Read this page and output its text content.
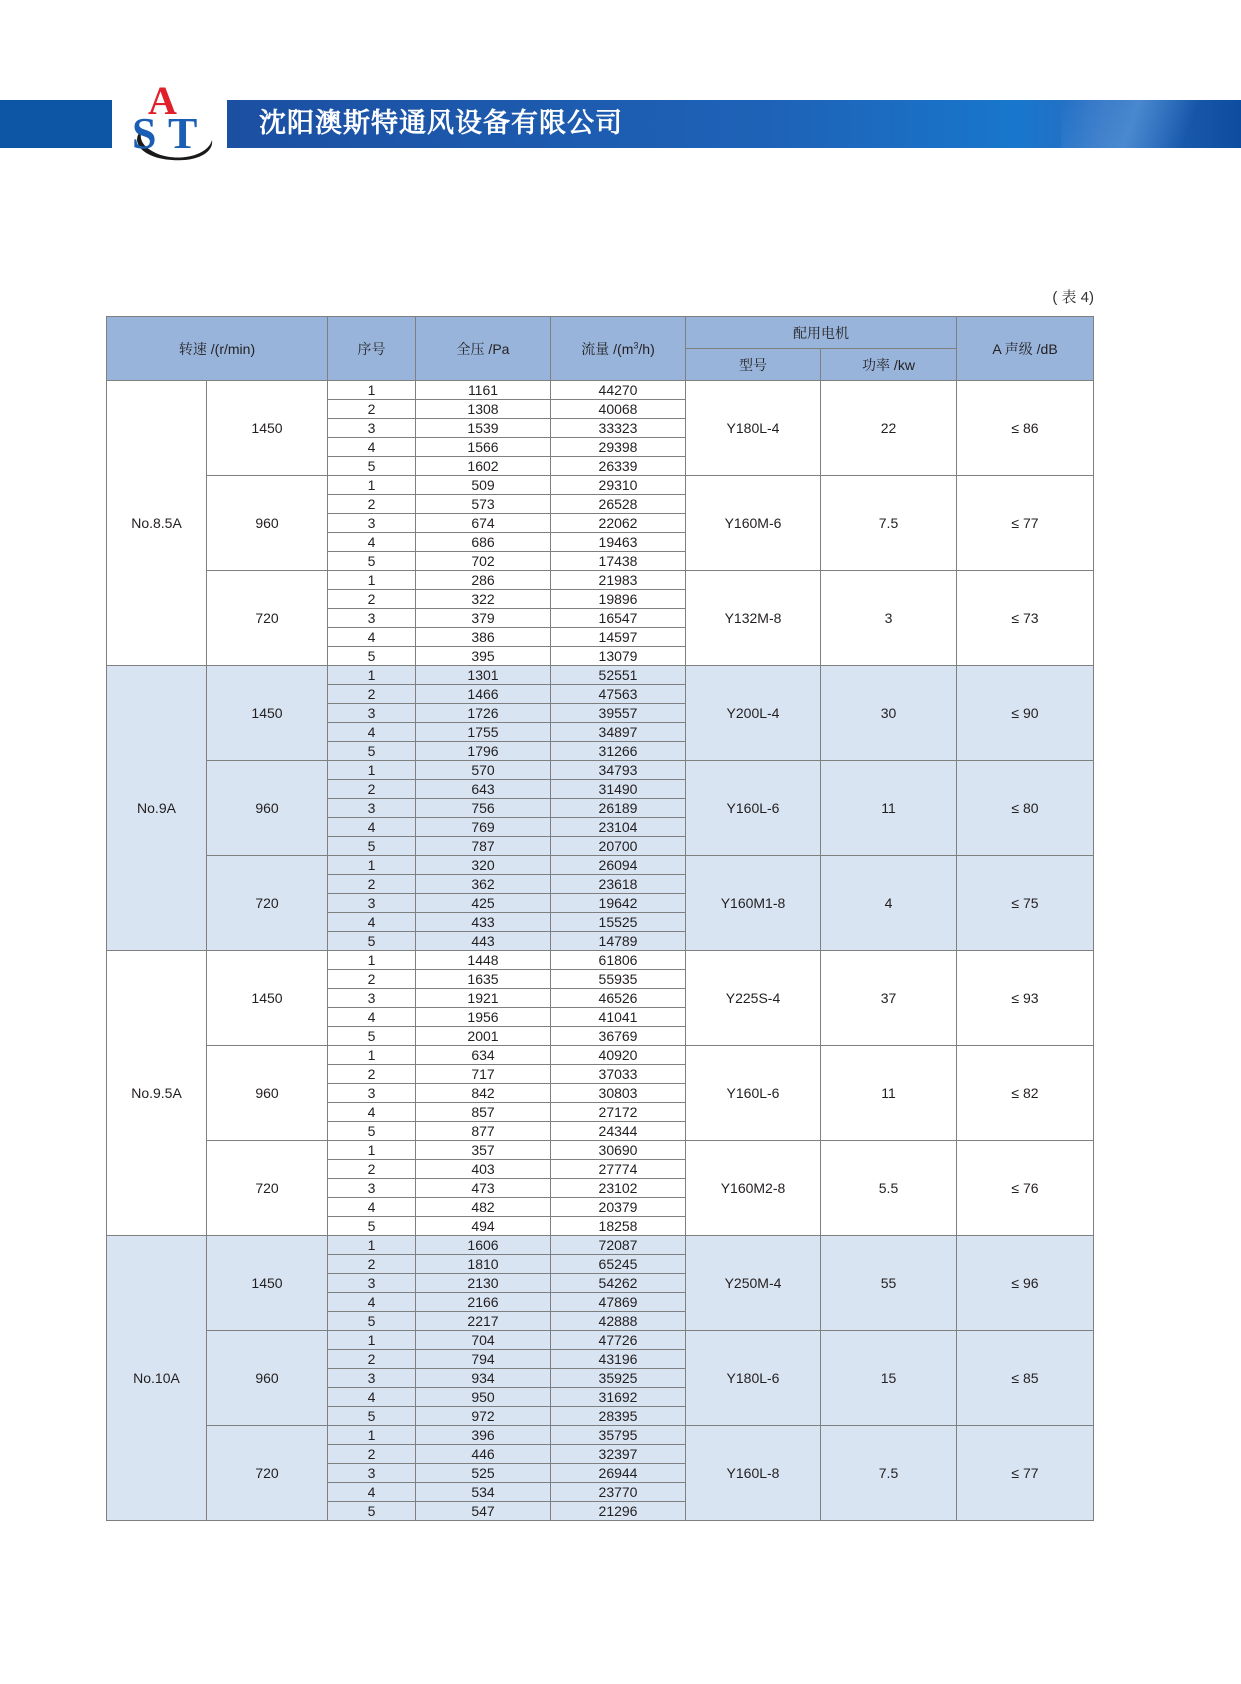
A
S T 沈阳澳斯特通风设备有限公司
( 表 4)
转速 /(r/min)		序号	全压 /Pa	流量 $/(m^3/h)$	配用电机		A 声级 /dB
					型号	功率 /kw	
No.8.5A	1450	1	1161	44270	Y180L-4	22	≤ 86
		2	1308	40068			
		3	1539	33323			
		4	1566	29398			
		5	1602	26339			
	960	1	509	29310	Y160M-6	7.5	≤ 77
		2	573	26528			
		3	674	22062			
		4	686	19463			
		5	702	17438			
	720	1	286	21983	Y132M-8	3	≤ 73
		2	322	19896			
		3	379	16547			
		4	386	14597			
		5	395	13079			
No.9A	1450	1	1301	52551	Y200L-4	30	≤ 90
		2	1466	47563			
		3	1726	39557			
		4	1755	34897			
		5	1796	31266			
	960	1	570	34793	Y160L-6	11	≤ 80
		2	643	31490			
		3	756	26189			
		4	769	23104			
		5	787	20700			
	720	1	320	26094	Y160M1-8	4	≤ 75
		2	362	23618			
		3	425	19642			
		4	433	15525			
		5	443	14789			
No.9.5A	1450	1	1448	61806	Y225S-4	37	≤ 93
		2	1635	55935			
		3	1921	46526			
		4	1956	41041			
		5	2001	36769			
	960	1	634	40920	Y160L-6	11	≤ 82
		2	717	37033			
		3	842	30803			
		4	857	27172			
		5	877	24344			
	720	1	357	30690	Y160M2-8	5.5	≤ 76
		2	403	27774			
		3	473	23102			
		4	482	20379			
		5	494	18258			
No.10A	1450	1	1606	72087	Y250M-4	55	≤ 96
		2	1810	65245			
		3	2130	54262			
		4	2166	47869			
		5	2217	42888			
	960	1	704	47726	Y180L-6	15	≤ 85
		2	794	43196			
		3	934	35925			
		4	950	31692			
		5	972	28395			
	720	1	396	35795	Y160L-8	7.5	≤ 77
		2	446	32397			
		3	525	26944			
		4	534	23770			
		5	547	21296			
